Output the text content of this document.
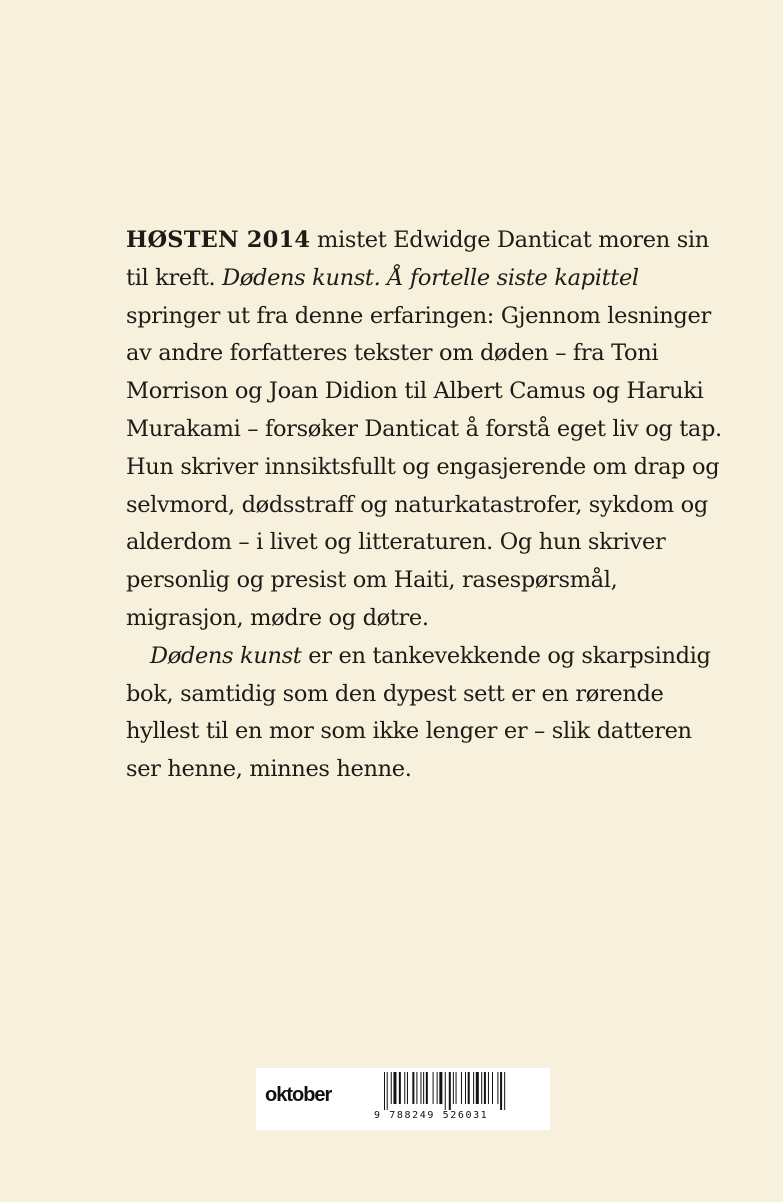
HØSTEN 2014 mistet Edwidge Danticat moren sin til kreft. Dødens kunst. Å fortelle siste kapittel springer ut fra denne erfaringen: Gjennom lesninger av andre forfatteres tekster om døden – fra Toni Morrison og Joan Didion til Albert Camus og Haruki Murakami – forsøker Danticat å forstå eget liv og tap. Hun skriver innsiktsfullt og engasjerende om drap og selvmord, dødsstraff og naturkatastrofer, sykdom og alderdom – i livet og litteraturen. Og hun skriver personlig og presist om Haiti, rasespørsmål, migrasjon, mødre og døtre.

Dødens kunst er en tankevekkende og skarpsindig bok, samtidig som den dypest sett er en rørende hyllest til en mor som ikke lenger er – slik datteren ser henne, minnes henne.

oktober
9 788249 526031
